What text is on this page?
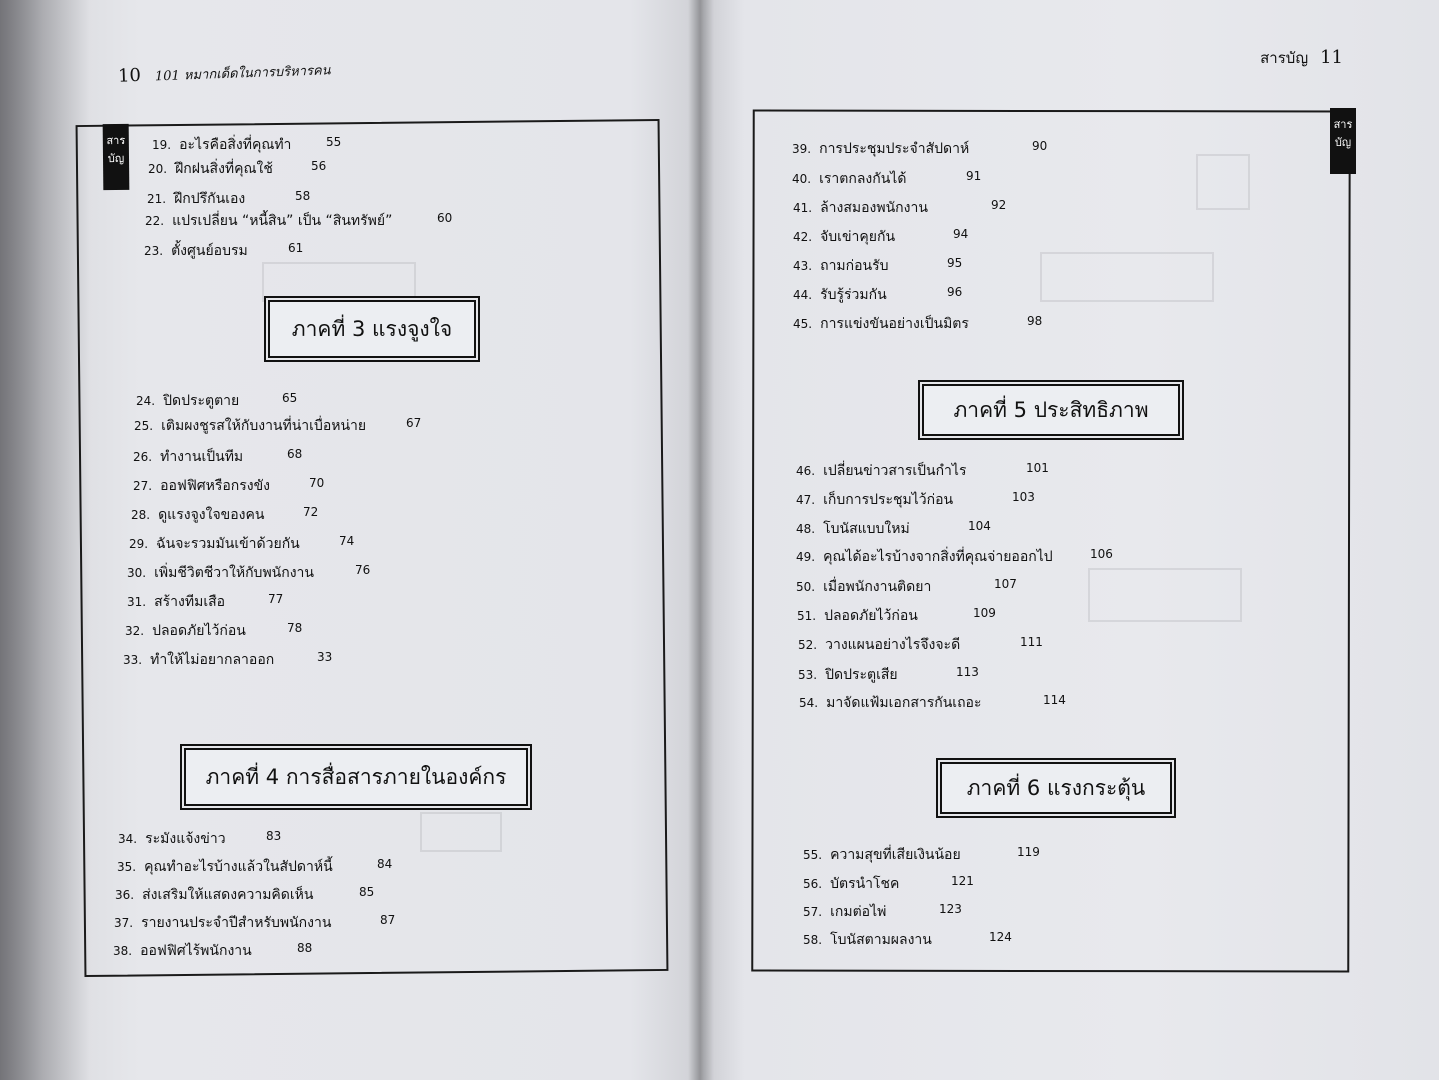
10 101 หมากเด็ดในการบริหารคน
สารบัญ 11
สาร
บัญ
สาร
บัญ
19. อะไรคือสิ่งที่คุณทำ	55
20. ฝึกฝนสิ่งที่คุณใช้	56
21. ฝึกปรึกันเอง	58
22. แปรเปลี่ยน “หนี้สิน” เป็น “สินทรัพย์”	60
23. ตั้งศูนย์อบรม	61
ภาคที่ 3 แรงจูงใจ
24. ปิดประตูตาย	65
25. เติมผงชูรสให้กับงานที่น่าเบื่อหน่าย	67
26. ทำงานเป็นทีม	68
27. ออฟฟิศหรือกรงขัง	70
28. ดูแรงจูงใจของคน	72
29. ฉันจะรวมมันเข้าด้วยกัน	74
30. เพิ่มชีวิตชีวาให้กับพนักงาน	76
31. สร้างทีมเสือ	77
32. ปลอดภัยไว้ก่อน	78
33. ทำให้ไม่อยากลาออก	33
ภาคที่ 4 การสื่อสารภายในองค์กร
34. ระมังแจ้งข่าว	83
35. คุณทำอะไรบ้างแล้วในสัปดาห์นี้	84
36. ส่งเสริมให้แสดงความคิดเห็น	85
37. รายงานประจำปีสำหรับพนักงาน	87
38. ออฟฟิศไร้พนักงาน	88
39. การประชุมประจำสัปดาห์	90
40. เราตกลงกันได้	91
41. ล้างสมองพนักงาน	92
42. จับเข่าคุยกัน	94
43. ถามก่อนรับ	95
44. รับรู้ร่วมกัน	96
45. การแข่งขันอย่างเป็นมิตร	98
ภาคที่ 5 ประสิทธิภาพ
46. เปลี่ยนข่าวสารเป็นกำไร	101
47. เก็บการประชุมไว้ก่อน	103
48. โบนัสแบบใหม่	104
49. คุณได้อะไรบ้างจากสิ่งที่คุณจ่ายออกไป	106
50. เมื่อพนักงานติดยา	107
51. ปลอดภัยไว้ก่อน	109
52. วางแผนอย่างไรจึงจะดี	111
53. ปิดประตูเสีย	113
54. มาจัดแฟ้มเอกสารกันเถอะ	114
ภาคที่ 6 แรงกระตุ้น
55. ความสุขที่เสียเงินน้อย	119
56. บัตรนำโชค	121
57. เกมต่อไพ่	123
58. โบนัสตามผลงาน	124
